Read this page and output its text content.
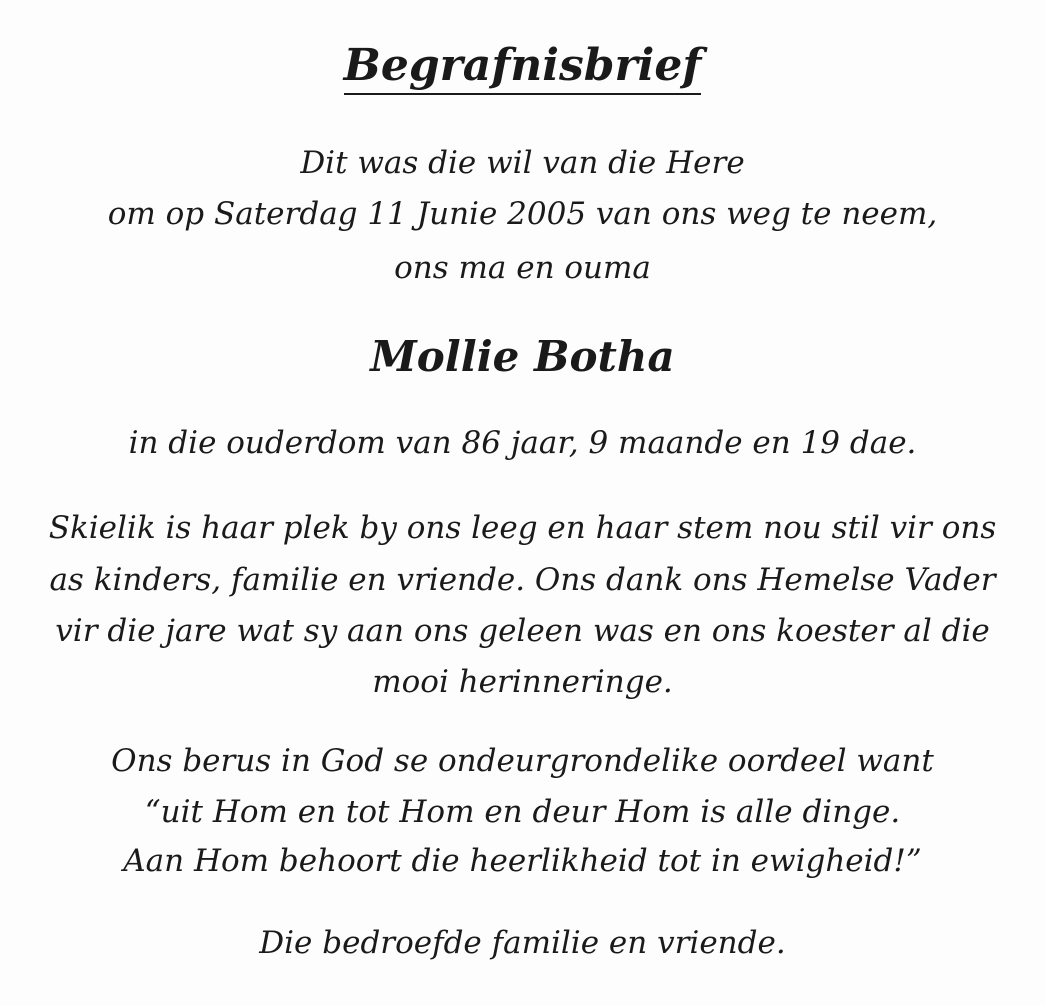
Begrafnisbrief
Dit was die wil van die Here
om op Saterdag 11 Junie 2005 van ons weg te neem,
ons ma en ouma
Mollie Botha
in die ouderdom van 86 jaar, 9 maande en 19 dae.
Skielik is haar plek by ons leeg en haar stem nou stil vir ons
as kinders, familie en vriende. Ons dank ons Hemelse Vader
vir die jare wat sy aan ons geleen was en ons koester al die
mooi herinneringe.
Ons berus in God se ondeurgrondelike oordeel want
“uit Hom en tot Hom en deur Hom is alle dinge.
Aan Hom behoort die heerlikheid tot in ewigheid!”
Die bedroefde familie en vriende.
